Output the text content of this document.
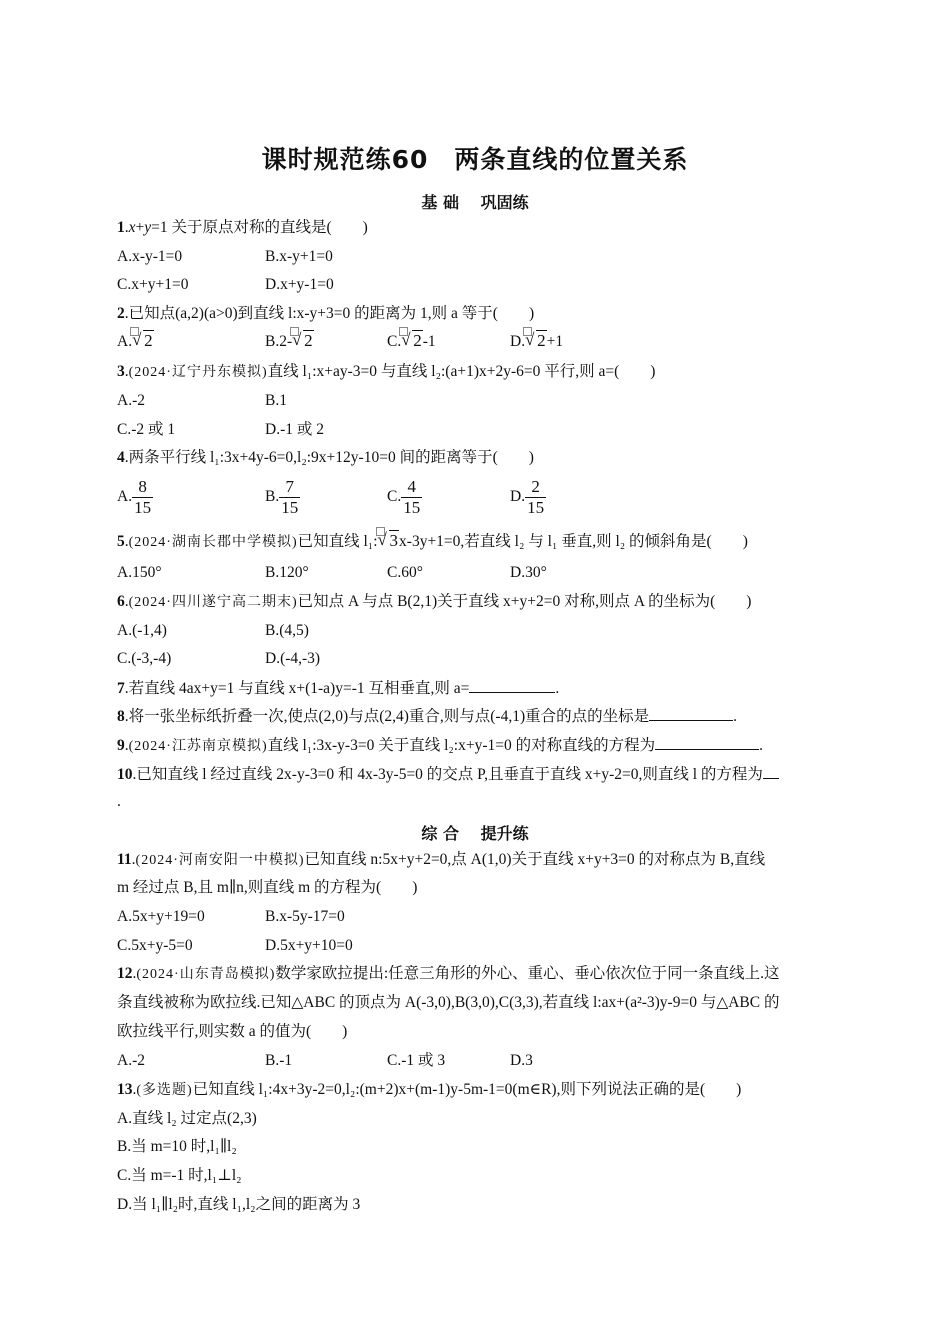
课时规范练60　两条直线的位置关系
基 础　 巩固练
1.x+y=1 关于原点对称的直线是(　　)
A.x-y-1=0	B.x-y+1=0
C.x+y+1=0	D.x+y-1=0
2.已知点(a,2)(a>0)到直线 l:x-y+3=0 的距离为 1,则 a 等于(　　)
A. √ 2	B.2- √ 2	C. √ 2-1	D. √ 2+1
3.(2024·辽宁丹东模拟)直线 l₁:x+ay-3=0 与直线 l₂:(a+1)x+2y-6=0 平行,则 a=(　　)
A.-2	B.1
C.-2 或 1	D.-1 或 2
4.两条平行线 l₁:3x+4y-6=0,l₂:9x+12y-10=0 间的距离等于(　　)
A. $\frac{8}{15}$	B. $\frac{7}{15}$	C. $\frac{4}{15}$	D. $\frac{2}{15}$
5.(2024·湖南长郡中学模拟)已知直线 l₁: √ 3x-3y+1=0,若直线 l₂ 与 l₁ 垂直,则 l₂ 的倾斜角是(　　)
A.150°	B.120°	C.60°	D.30°
6.(2024·四川遂宁高二期末)已知点 A 与点 B(2,1)关于直线 x+y+2=0 对称,则点 A 的坐标为(　　)
A.(-1,4)	B.(4,5)
C.(-3,-4)	D.(-4,-3)
7.若直线 4ax+y=1 与直线 x+(1-a)y=-1 互相垂直,则 a=	.
8.将一张坐标纸折叠一次,使点(2,0)与点(2,4)重合,则与点(-4,1)重合的点的坐标是	.
9.(2024·江苏南京模拟)直线 l₁:3x-y-3=0 关于直线 l₂:x+y-1=0 的对称直线的方程为	.
10.已知直线 l 经过直线 2x-y-3=0 和 4x-3y-5=0 的交点 P,且垂直于直线 x+y-2=0,则直线 l 的方程为
.
综 合　 提升练
11.(2024·河南安阳一中模拟)已知直线 n:5x+y+2=0,点 A(1,0)关于直线 x+y+3=0 的对称点为 B,直线
m 经过点 B,且 m∥n,则直线 m 的方程为(　　)
A.5x+y+19=0	B.x-5y-17=0
C.5x+y-5=0	D.5x+y+10=0
12.(2024·山东青岛模拟)数学家欧拉提出:任意三角形的外心、重心、垂心依次位于同一条直线上.这
条直线被称为欧拉线.已知△ABC 的顶点为 A(-3,0),B(3,0),C(3,3),若直线 l:ax+(a²-3)y-9=0 与△ABC 的
欧拉线平行,则实数 a 的值为(　　)
A.-2	B.-1	C.-1 或 3	D.3
13.(多选题)已知直线 l₁:4x+3y-2=0,l₂:(m+2)x+(m-1)y-5m-1=0(m∈R),则下列说法正确的是(　　)
A.直线 l₂ 过定点(2,3)
B.当 m=10 时,l₁∥l₂
C.当 m=-1 时,l₁⊥l₂
D.当 l₁∥l₂时,直线 l₁,l₂之间的距离为 3
